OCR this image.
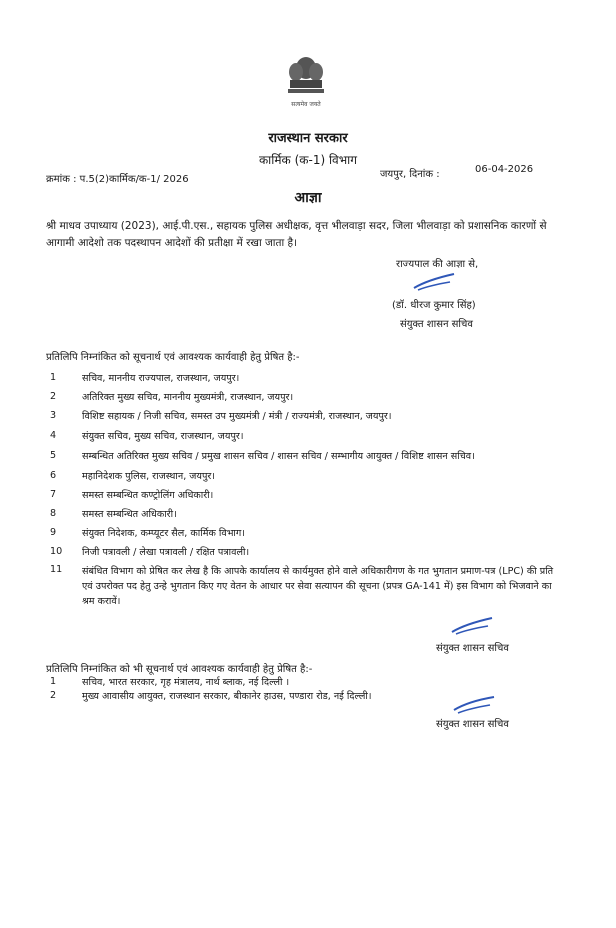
सत्यमेव जयते
राजस्थान सरकार
कार्मिक (क-1) विभाग
क्रमांक : प.5(2)कार्मिक/क-1/ 2026	जयपुर, दिनांक :	06-04-2026
आज्ञा
श्री माधव उपाध्याय (2023), आई.पी.एस., सहायक पुलिस अधीक्षक, वृत्त भीलवाड़ा सदर, जिला भीलवाड़ा को प्रशासनिक कारणों से आगामी आदेशो तक पदस्थापन आदेशों की प्रतीक्षा में रखा जाता है।
राज्यपाल की आज्ञा से,
(डॉ. धीरज कुमार सिंह)
संयुक्त शासन सचिव
प्रतिलिपि निम्नांकित को सूचनार्थ एवं आवश्यक कार्यवाही हेतु प्रेषित है:-
1	सचिव, माननीय राज्यपाल, राजस्थान, जयपुर।
2	अतिरिक्त मुख्य सचिव, माननीय मुख्यमंत्री, राजस्थान, जयपुर।
3	विशिष्ट सहायक / निजी सचिव, समस्त उप मुख्यमंत्री / मंत्री / राज्यमंत्री, राजस्थान, जयपुर।
4	संयुक्त सचिव, मुख्य सचिव, राजस्थान, जयपुर।
5	सम्बन्धित अतिरिक्त मुख्य सचिव / प्रमुख शासन सचिव / शासन सचिव / सम्भागीय आयुक्त / विशिष्ट शासन सचिव।
6	महानिदेशक पुलिस, राजस्थान, जयपुर।
7	समस्त सम्बन्धित कण्ट्रोलिंग अधिकारी।
8	समस्त सम्बन्धित अधिकारी।
9	संयुक्त निदेशक, कम्प्यूटर सैल, कार्मिक विभाग।
10	निजी पत्रावली / लेखा पत्रावली / रक्षित पत्रावली।
11	संबंधित विभाग को प्रेषित कर लेख है कि आपके कार्यालय से कार्यमुक्त होने वाले अधिकारीगण के गत भुगतान प्रमाण-पत्र (LPC) की प्रति एवं उपरोक्त पद हेतु उन्हे भुगतान किए गए वेतन के आधार पर सेवा सत्यापन की सूचना (प्रपत्र GA-141 में) इस विभाग को भिजवाने का श्रम करावें।
संयुक्त शासन सचिव
प्रतिलिपि निम्नांकित को भी सूचनार्थ एवं आवश्यक कार्यवाही हेतु प्रेषित है:-
1	सचिव, भारत सरकार, गृह मंत्रालय, नार्थ ब्लाक, नई दिल्ली ।
2	मुख्य आवासीय आयुक्त, राजस्थान सरकार, बीकानेर हाउस, पण्डारा रोड, नई दिल्ली।
संयुक्त शासन सचिव
